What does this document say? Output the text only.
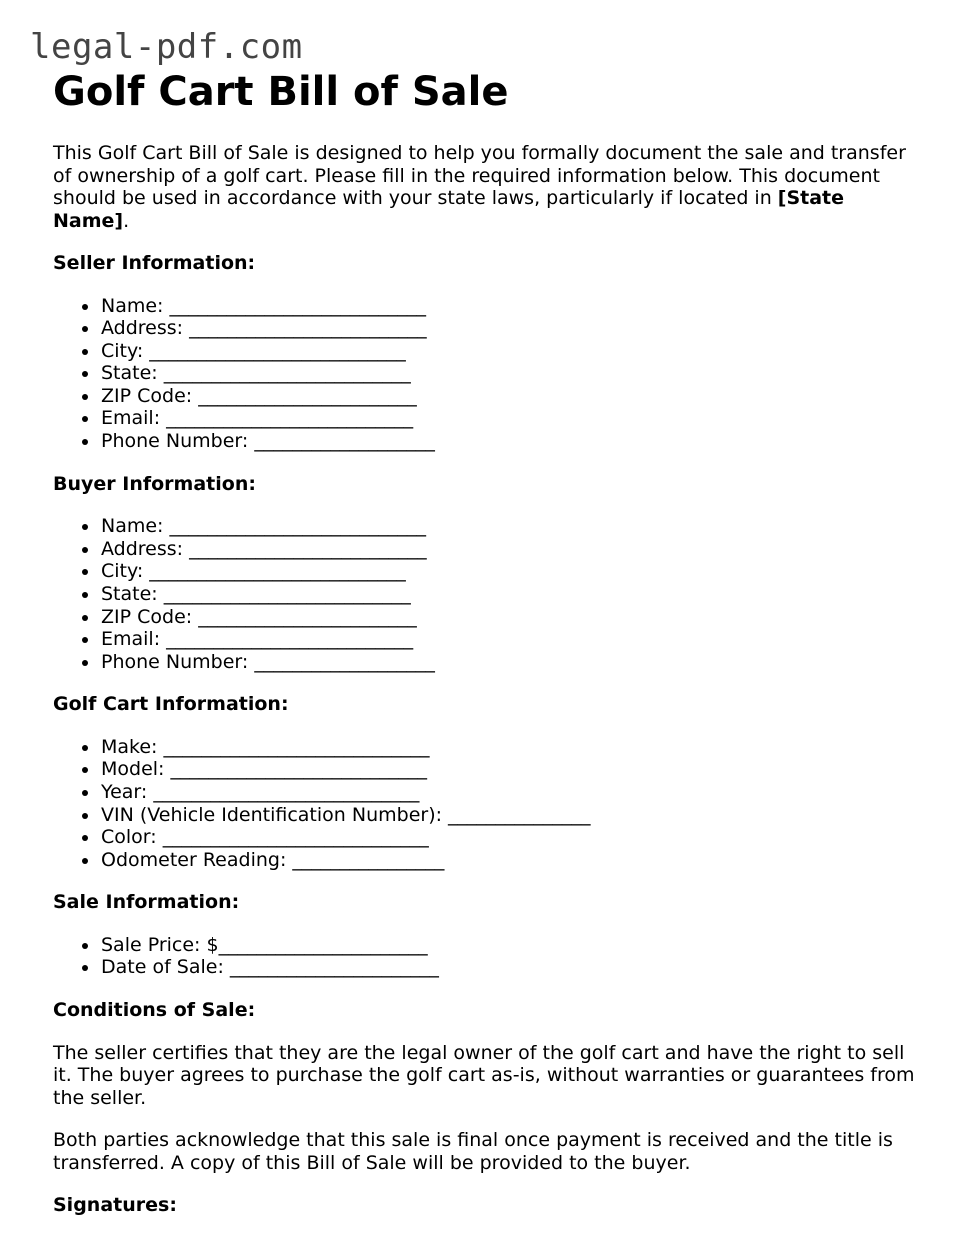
legal-pdf.com
Golf Cart Bill of Sale

This Golf Cart Bill of Sale is designed to help you formally document the sale and transfer of ownership of a golf cart. Please fill in the required information below. This document should be used in accordance with your state laws, particularly if located in [State Name].

Seller Information:
Name: ___________________________
Address: _________________________
City: ___________________________
State: __________________________
ZIP Code: _______________________
Email: __________________________
Phone Number: ___________________
Buyer Information:
Name: ___________________________
Address: _________________________
City: ___________________________
State: __________________________
ZIP Code: _______________________
Email: __________________________
Phone Number: ___________________
Golf Cart Information:
Make: ____________________________
Model: ___________________________
Year: ____________________________
VIN (Vehicle Identification Number): _______________
Color: ____________________________
Odometer Reading: ________________
Sale Information:
Sale Price: $______________________
Date of Sale: ______________________
Conditions of Sale:

The seller certifies that they are the legal owner of the golf cart and have the right to sell it. The buyer agrees to purchase the golf cart as-is, without warranties or guarantees from the seller.

Both parties acknowledge that this sale is final once payment is received and the title is transferred. A copy of this Bill of Sale will be provided to the buyer.

Signatures:
